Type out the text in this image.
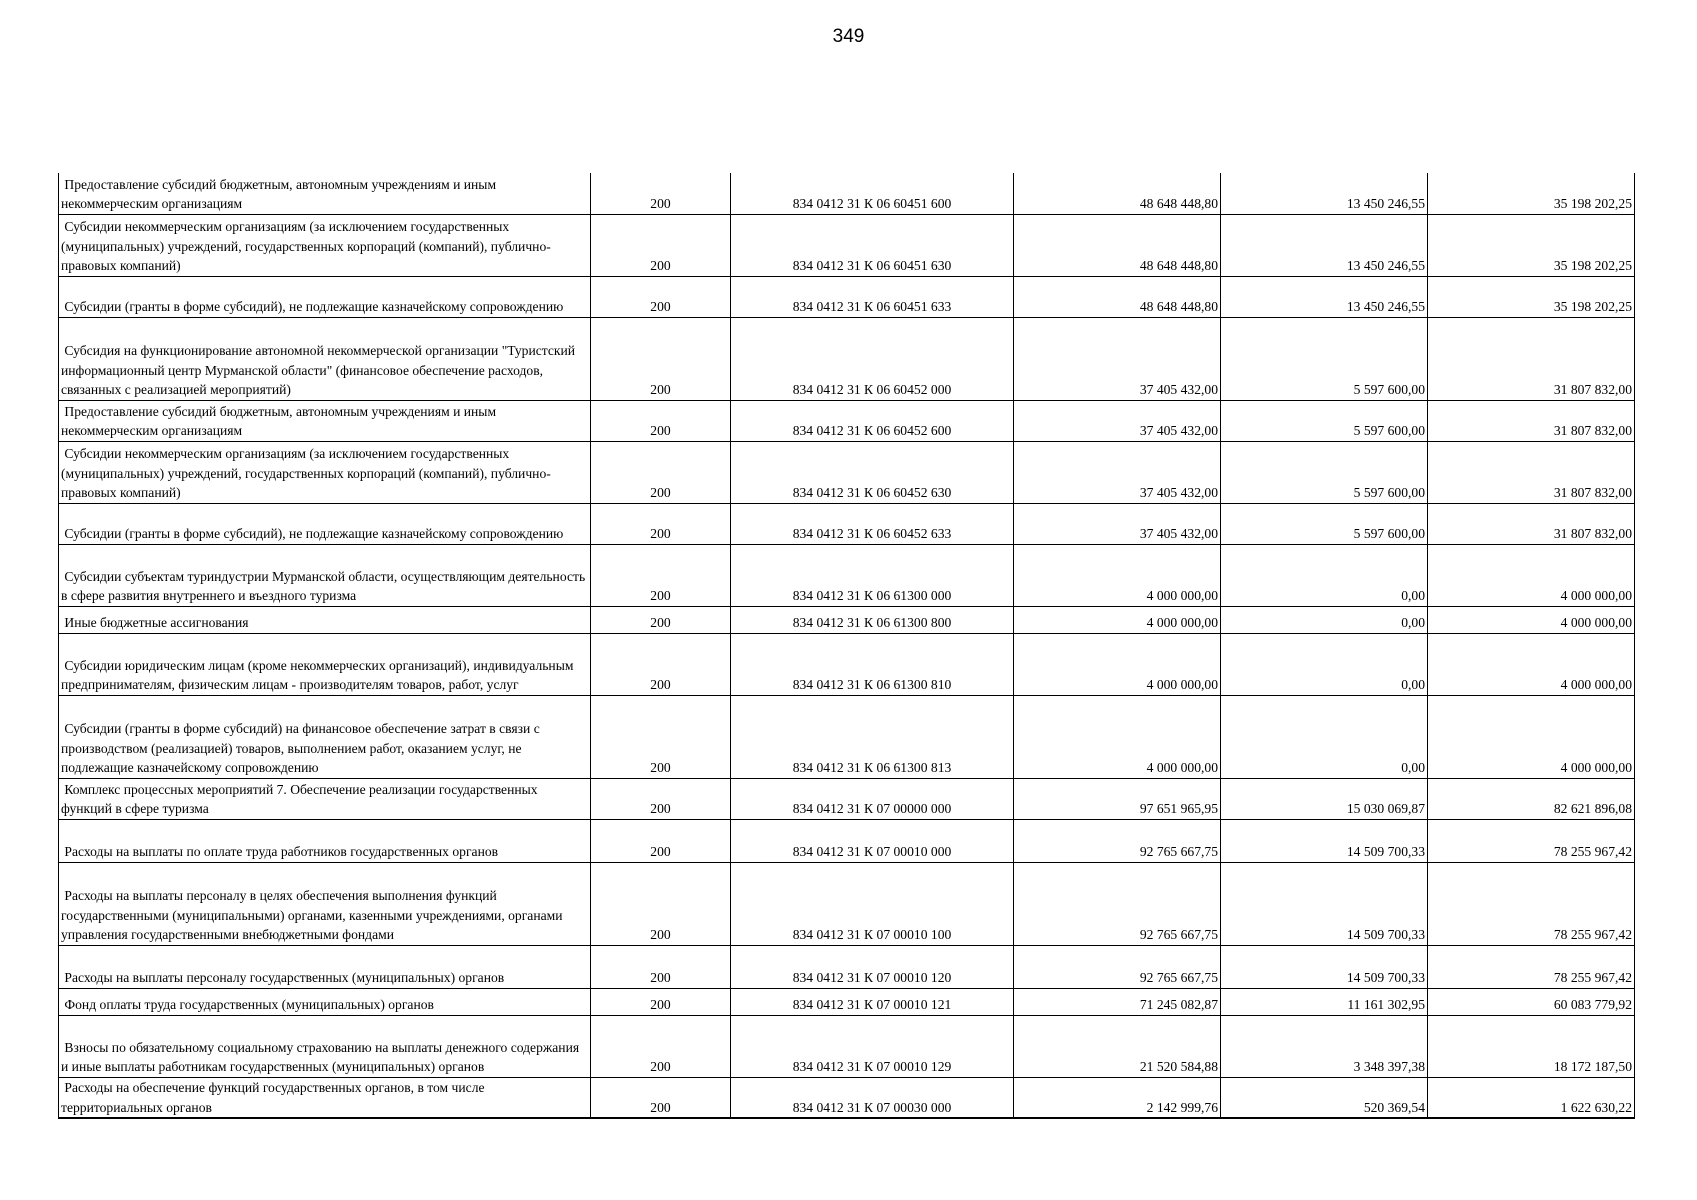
349
Предоставление субсидий бюджетным, автономным учреждениям и иным некоммерческим организациям	200	834 0412 31 К 06 60451 600	48 648 448,80	13 450 246,55	35 198 202,25
Субсидии некоммерческим организациям (за исключением государственных (муниципальных) учреждений, государственных корпораций (компаний), публично-правовых компаний)	200	834 0412 31 К 06 60451 630	48 648 448,80	13 450 246,55	35 198 202,25
Субсидии (гранты в форме субсидий), не подлежащие казначейскому сопровождению	200	834 0412 31 К 06 60451 633	48 648 448,80	13 450 246,55	35 198 202,25
Субсидия на функционирование автономной некоммерческой организации "Туристский информационный центр Мурманской области" (финансовое обеспечение расходов, связанных с реализацией мероприятий)	200	834 0412 31 К 06 60452 000	37 405 432,00	5 597 600,00	31 807 832,00
Предоставление субсидий бюджетным, автономным учреждениям и иным некоммерческим организациям	200	834 0412 31 К 06 60452 600	37 405 432,00	5 597 600,00	31 807 832,00
Субсидии некоммерческим организациям (за исключением государственных (муниципальных) учреждений, государственных корпораций (компаний), публично-правовых компаний)	200	834 0412 31 К 06 60452 630	37 405 432,00	5 597 600,00	31 807 832,00
Субсидии (гранты в форме субсидий), не подлежащие казначейскому сопровождению	200	834 0412 31 К 06 60452 633	37 405 432,00	5 597 600,00	31 807 832,00
Субсидии субъектам туриндустрии Мурманской области, осуществляющим деятельность в сфере развития внутреннего и въездного туризма	200	834 0412 31 К 06 61300 000	4 000 000,00	0,00	4 000 000,00
Иные бюджетные ассигнования	200	834 0412 31 К 06 61300 800	4 000 000,00	0,00	4 000 000,00
Субсидии юридическим лицам (кроме некоммерческих организаций), индивидуальным предпринимателям, физическим лицам - производителям товаров, работ, услуг	200	834 0412 31 К 06 61300 810	4 000 000,00	0,00	4 000 000,00
Субсидии (гранты в форме субсидий) на финансовое обеспечение затрат в связи с производством (реализацией) товаров, выполнением работ, оказанием услуг, не подлежащие казначейскому сопровождению	200	834 0412 31 К 06 61300 813	4 000 000,00	0,00	4 000 000,00
Комплекс процессных мероприятий 7. Обеспечение реализации государственных функций в сфере туризма	200	834 0412 31 К 07 00000 000	97 651 965,95	15 030 069,87	82 621 896,08
Расходы на выплаты по оплате труда работников государственных органов	200	834 0412 31 К 07 00010 000	92 765 667,75	14 509 700,33	78 255 967,42
Расходы на выплаты персоналу в целях обеспечения выполнения функций государственными (муниципальными) органами, казенными учреждениями, органами управления государственными внебюджетными фондами	200	834 0412 31 К 07 00010 100	92 765 667,75	14 509 700,33	78 255 967,42
Расходы на выплаты персоналу государственных (муниципальных) органов	200	834 0412 31 К 07 00010 120	92 765 667,75	14 509 700,33	78 255 967,42
Фонд оплаты труда государственных (муниципальных) органов	200	834 0412 31 К 07 00010 121	71 245 082,87	11 161 302,95	60 083 779,92
Взносы по обязательному социальному страхованию на выплаты денежного содержания и иные выплаты работникам государственных (муниципальных) органов	200	834 0412 31 К 07 00010 129	21 520 584,88	3 348 397,38	18 172 187,50
Расходы на обеспечение функций государственных органов, в том числе территориальных органов	200	834 0412 31 К 07 00030 000	2 142 999,76	520 369,54	1 622 630,22
